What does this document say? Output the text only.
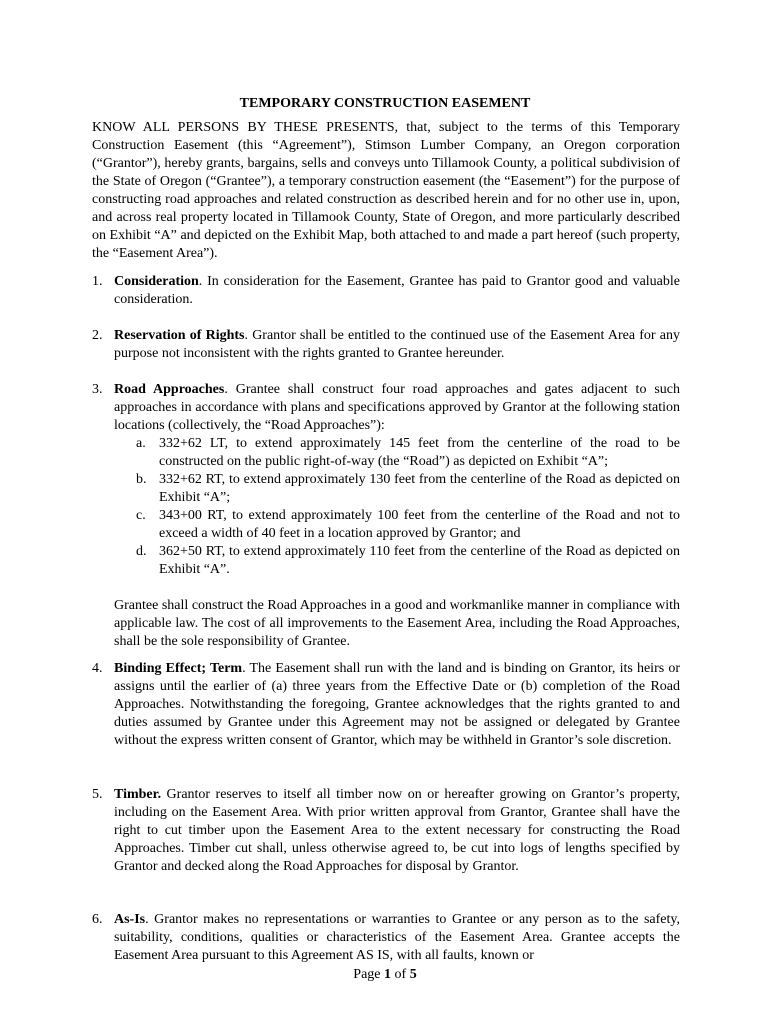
TEMPORARY CONSTRUCTION EASEMENT
KNOW ALL PERSONS BY THESE PRESENTS, that, subject to the terms of this Temporary Construction Easement (this “Agreement”), Stimson Lumber Company, an Oregon corporation (“Grantor”), hereby grants, bargains, sells and conveys unto Tillamook County, a political subdivision of the State of Oregon (“Grantee”), a temporary construction easement (the “Easement”) for the purpose of constructing road approaches and related construction as described herein and for no other use in, upon, and across real property located in Tillamook County, State of Oregon, and more particularly described on Exhibit “A” and depicted on the Exhibit Map, both attached to and made a part hereof (such property, the “Easement Area”).
1. Consideration. In consideration for the Easement, Grantee has paid to Grantor good and valuable consideration.
2. Reservation of Rights. Grantor shall be entitled to the continued use of the Easement Area for any purpose not inconsistent with the rights granted to Grantee hereunder.
3. Road Approaches. Grantee shall construct four road approaches and gates adjacent to such approaches in accordance with plans and specifications approved by Grantor at the following station locations (collectively, the “Road Approaches”):
a. 332+62 LT, to extend approximately 145 feet from the centerline of the road to be constructed on the public right-of-way (the “Road”) as depicted on Exhibit “A”;
b. 332+62 RT, to extend approximately 130 feet from the centerline of the Road as depicted on Exhibit “A”;
c. 343+00 RT, to extend approximately 100 feet from the centerline of the Road and not to exceed a width of 40 feet in a location approved by Grantor; and
d. 362+50 RT, to extend approximately 110 feet from the centerline of the Road as depicted on Exhibit “A”.
Grantee shall construct the Road Approaches in a good and workmanlike manner in compliance with applicable law. The cost of all improvements to the Easement Area, including the Road Approaches, shall be the sole responsibility of Grantee.
4. Binding Effect; Term. The Easement shall run with the land and is binding on Grantor, its heirs or assigns until the earlier of (a) three years from the Effective Date or (b) completion of the Road Approaches. Notwithstanding the foregoing, Grantee acknowledges that the rights granted to and duties assumed by Grantee under this Agreement may not be assigned or delegated by Grantee without the express written consent of Grantor, which may be withheld in Grantor’s sole discretion.
5. Timber. Grantor reserves to itself all timber now on or hereafter growing on Grantor’s property, including on the Easement Area. With prior written approval from Grantor, Grantee shall have the right to cut timber upon the Easement Area to the extent necessary for constructing the Road Approaches. Timber cut shall, unless otherwise agreed to, be cut into logs of lengths specified by Grantor and decked along the Road Approaches for disposal by Grantor.
6. As-Is. Grantor makes no representations or warranties to Grantee or any person as to the safety, suitability, conditions, qualities or characteristics of the Easement Area. Grantee accepts the Easement Area pursuant to this Agreement AS IS, with all faults, known or
Page 1 of 5
